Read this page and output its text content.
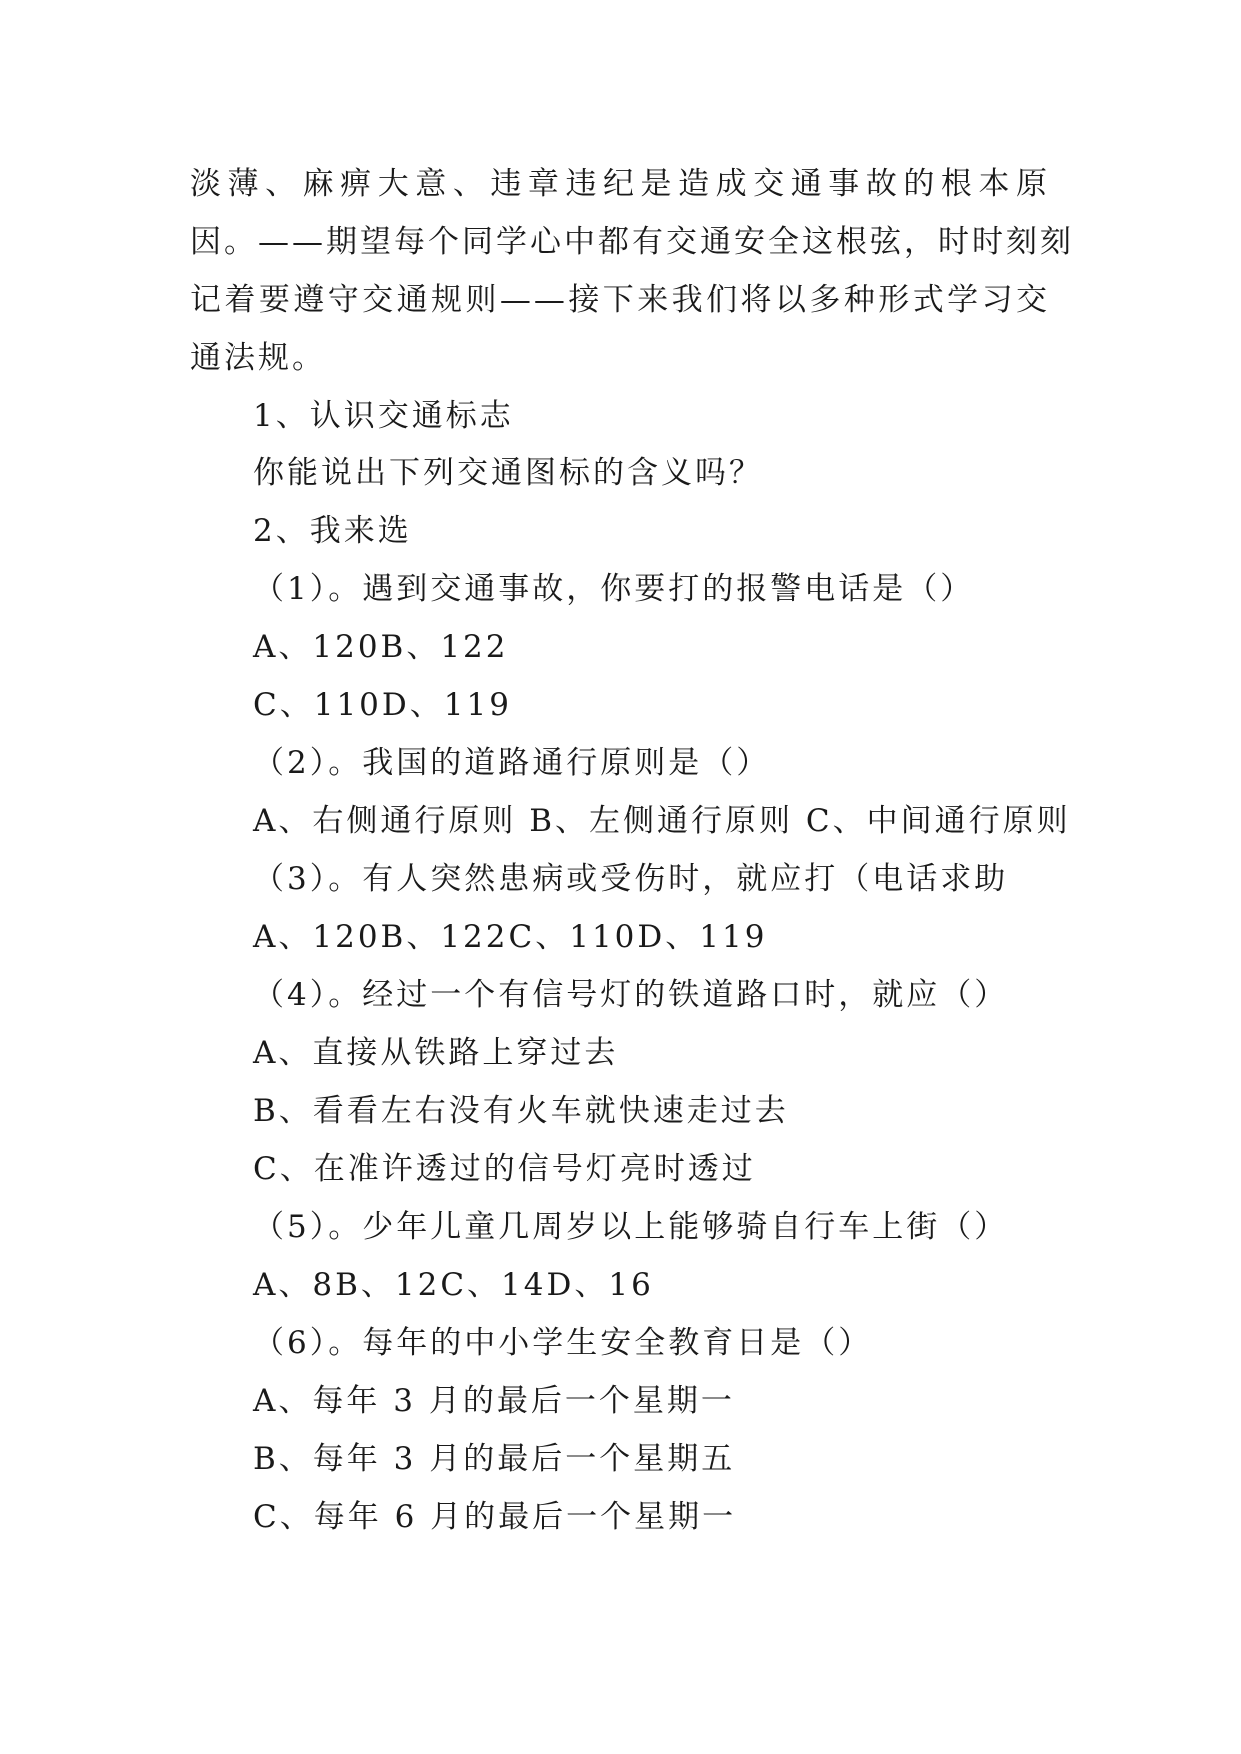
淡薄、麻痹大意、违章违纪是造成交通事故的根本原
因。——期望每个同学心中都有交通安全这根弦，时时刻刻
记着要遵守交通规则——接下来我们将以多种形式学习交
通法规。
1、认识交通标志
你能说出下列交通图标的含义吗？
2、我来选
（1）。遇到交通事故，你要打的报警电话是（）
A、120B、122
C、110D、119
（2）。我国的道路通行原则是（）
A、右侧通行原则 B、左侧通行原则 C、中间通行原则
（3）。有人突然患病或受伤时，就应打（电话求助
A、120B、122C、110D、119
（4）。经过一个有信号灯的铁道路口时，就应（）
A、直接从铁路上穿过去
B、看看左右没有火车就快速走过去
C、在准许透过的信号灯亮时透过
（5）。少年儿童几周岁以上能够骑自行车上街（）
A、8B、12C、14D、16
（6）。每年的中小学生安全教育日是（）
A、每年 3 月的最后一个星期一
B、每年 3 月的最后一个星期五
C、每年 6 月的最后一个星期一
